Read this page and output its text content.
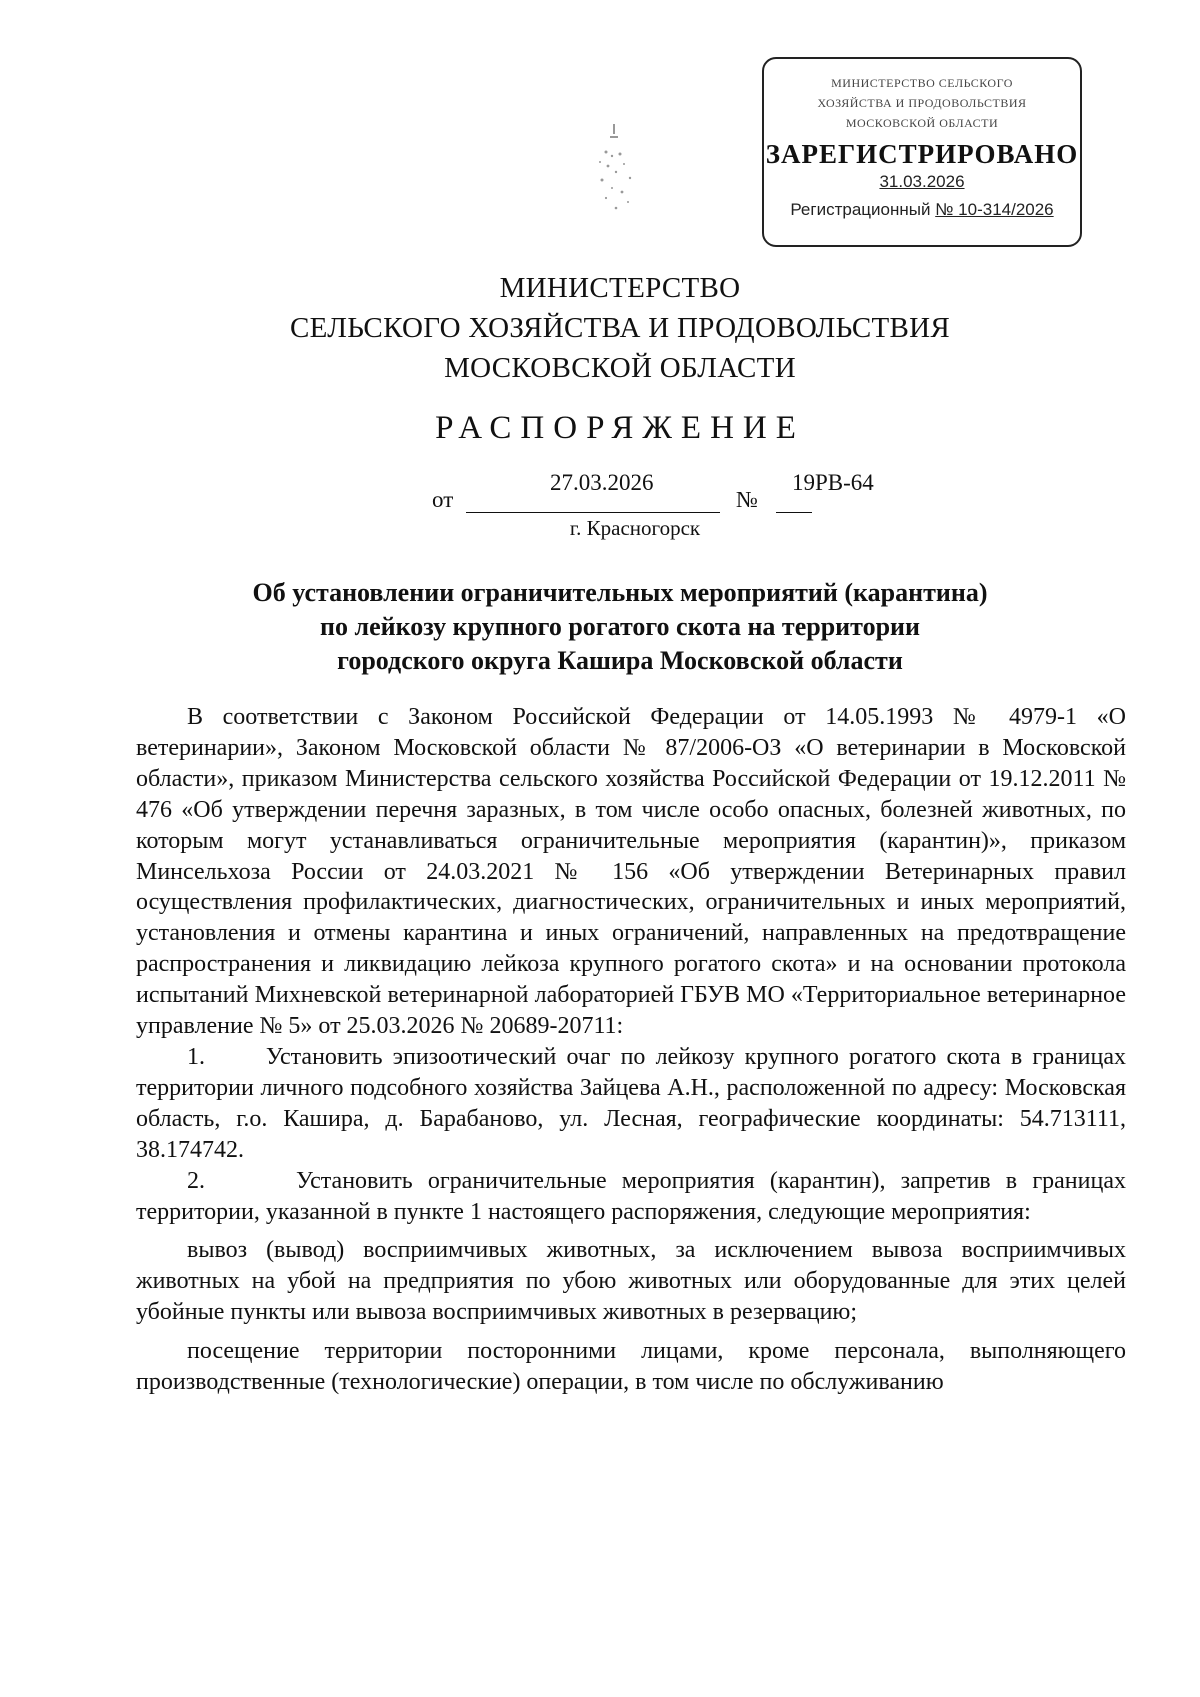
МИНИСТЕРСТВО СЕЛЬСКОГО
ХОЗЯЙСТВА И ПРОДОВОЛЬСТВИЯ
МОСКОВСКОЙ ОБЛАСТИ
ЗАРЕГИСТРИРОВАНО
31.03.2026
Регистрационный № 10-314/2026
МИНИСТЕРСТВО
СЕЛЬСКОГО ХОЗЯЙСТВА И ПРОДОВОЛЬСТВИЯ
МОСКОВСКОЙ ОБЛАСТИ
РАСПОРЯЖЕНИЕ
от
27.03.2026
№
19РВ-64
г. Красногорск
Об установлении ограничительных мероприятий (карантина)
по лейкозу крупного рогатого скота на территории
городского округа Кашира Московской области

В соответствии с Законом Российской Федерации от 14.05.1993 № 4979-1 «О ветеринарии», Законом Московской области № 87/2006-ОЗ «О ветеринарии в Московской области», приказом Министерства сельского хозяйства Российской Федерации от 19.12.2011 № 476 «Об утверждении перечня заразных, в том числе особо опасных, болезней животных, по которым могут устанавливаться ограничительные мероприятия (карантин)», приказом Минсельхоза России от 24.03.2021 № 156 «Об утверждении Ветеринарных правил осуществления профилактических, диагностических, ограничительных и иных мероприятий, установления и отмены карантина и иных ограничений, направленных на предотвращение распространения и ликвидацию лейкоза крупного рогатого скота» и на основании протокола испытаний Михневской ветеринарной лабораторией ГБУВ МО «Территориальное ветеринарное управление № 5» от 25.03.2026 № 20689-20711:

1.	Установить эпизоотический очаг по лейкозу крупного рогатого скота в границах территории личного подсобного хозяйства Зайцева А.Н., расположенной по адресу: Московская область, г.о. Кашира, д. Барабаново, ул. Лесная, географические координаты: 54.713111, 38.174742.

2.	Установить ограничительные мероприятия (карантин), запретив в границах территории, указанной в пункте 1 настоящего распоряжения, следующие мероприятия:

вывоз (вывод) восприимчивых животных, за исключением вывоза восприимчивых животных на убой на предприятия по убою животных или оборудованные для этих целей убойные пункты или вывоза восприимчивых животных в резервацию;

посещение территории посторонними лицами, кроме персонала, выполняющего производственные (технологические) операции, в том числе по обслуживанию
